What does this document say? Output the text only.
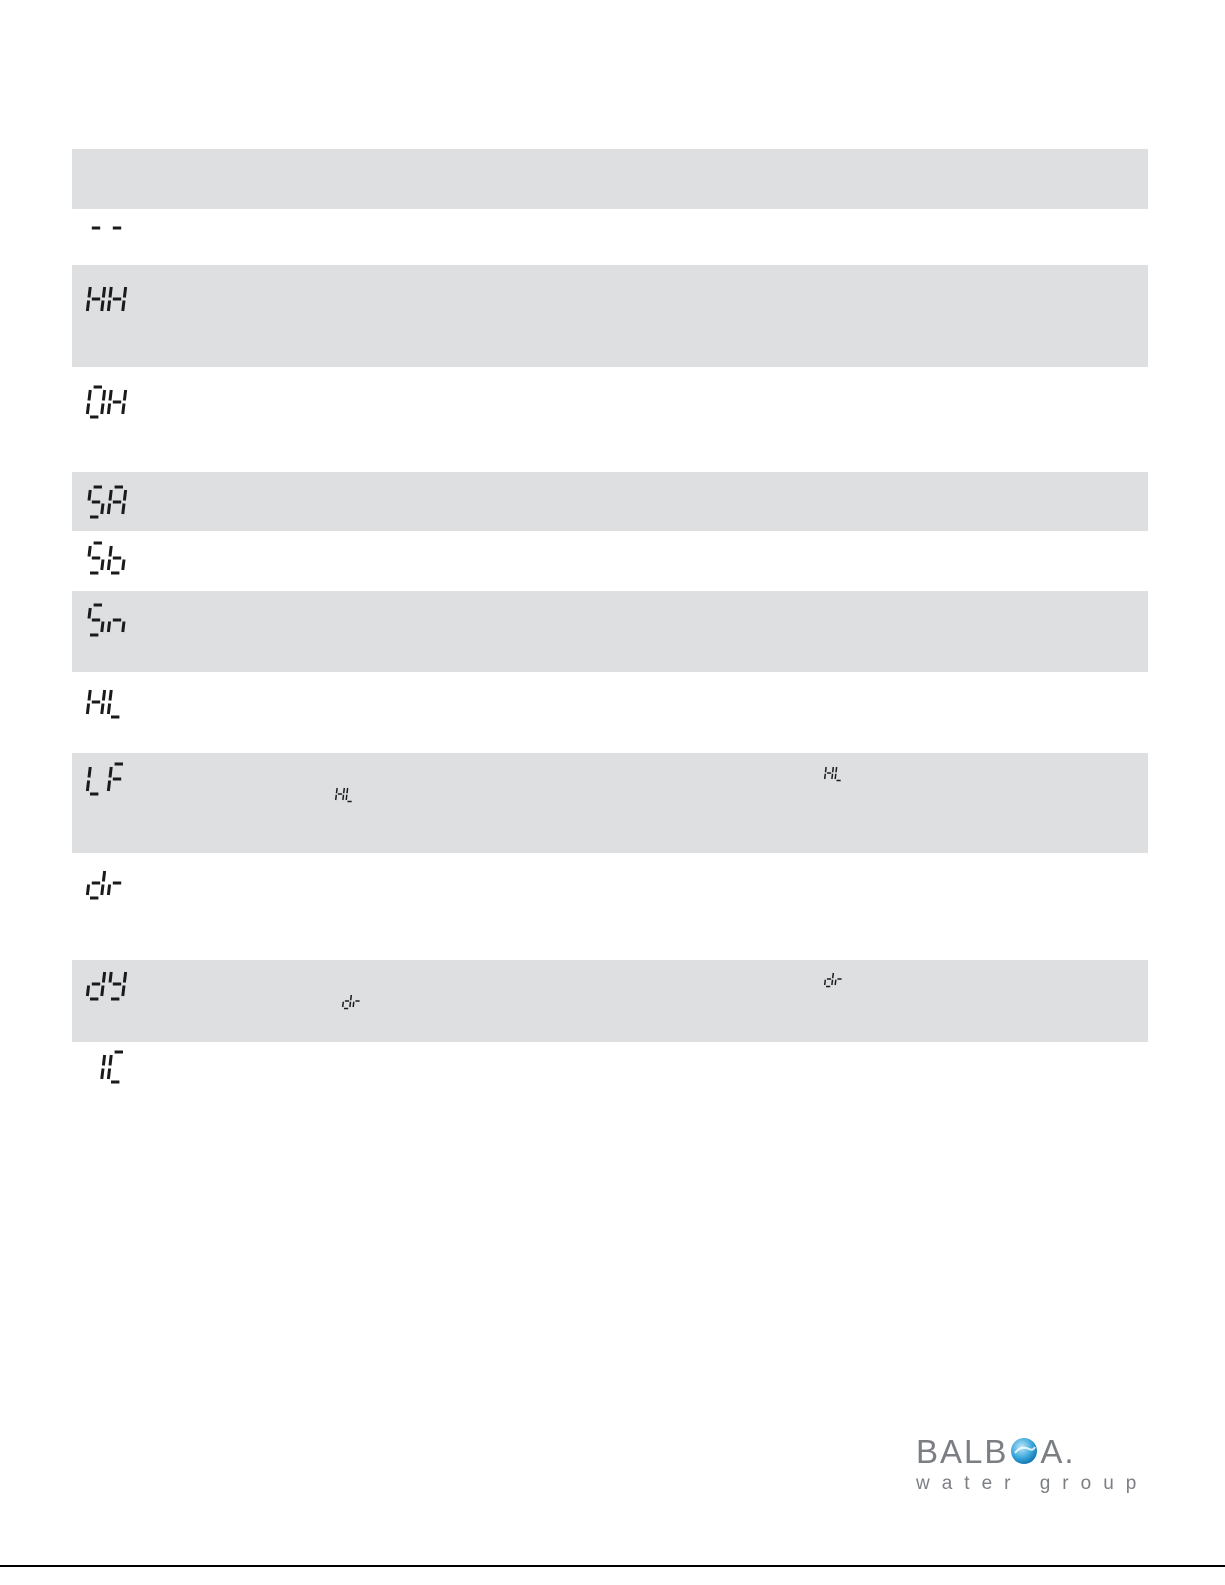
BALB A.
water group
